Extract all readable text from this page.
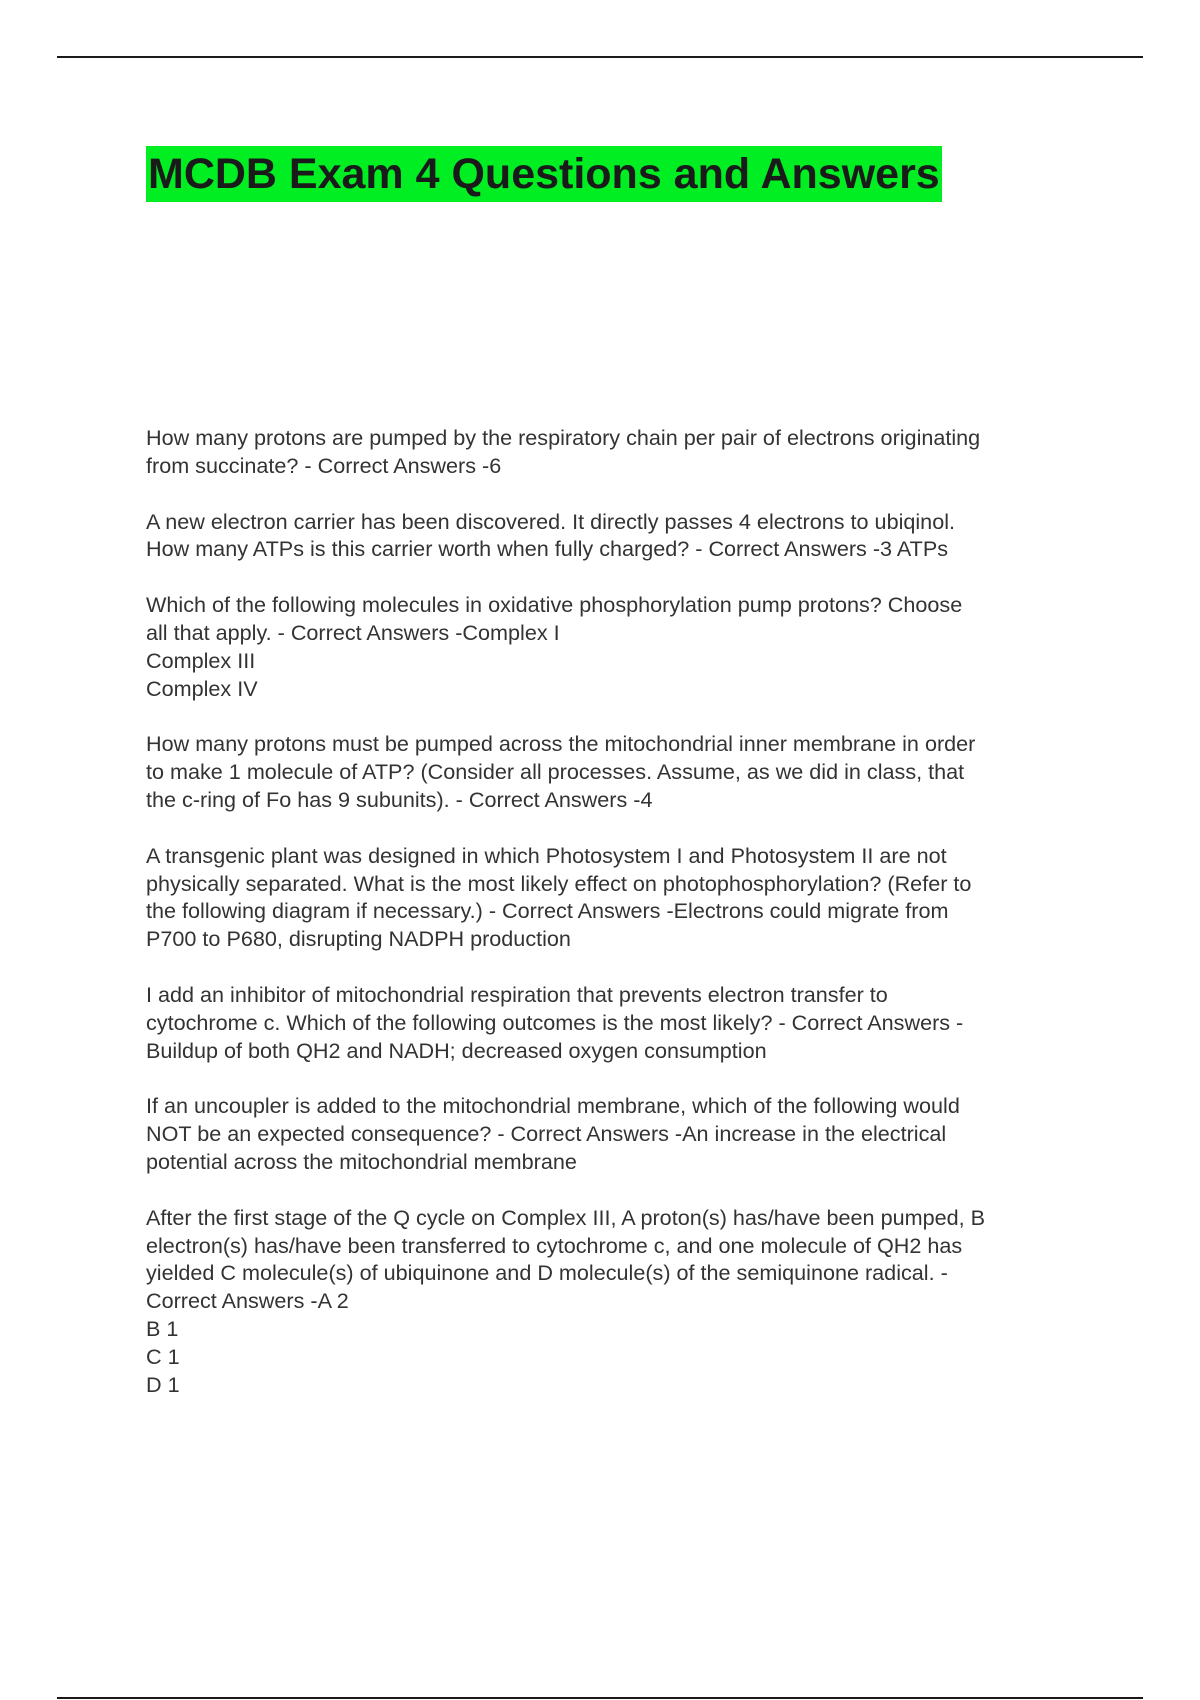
MCDB Exam 4 Questions and Answers
How many protons are pumped by the respiratory chain per pair of electrons originating
from succinate? - Correct Answers -6
A new electron carrier has been discovered. It directly passes 4 electrons to ubiqinol.
How many ATPs is this carrier worth when fully charged? - Correct Answers -3 ATPs
Which of the following molecules in oxidative phosphorylation pump protons? Choose
all that apply. - Correct Answers -Complex I
Complex III
Complex IV
How many protons must be pumped across the mitochondrial inner membrane in order
to make 1 molecule of ATP? (Consider all processes. Assume, as we did in class, that
the c-ring of Fo has 9 subunits). - Correct Answers -4
A transgenic plant was designed in which Photosystem I and Photosystem II are not
physically separated. What is the most likely effect on photophosphorylation? (Refer to
the following diagram if necessary.) - Correct Answers -Electrons could migrate from
P700 to P680, disrupting NADPH production
I add an inhibitor of mitochondrial respiration that prevents electron transfer to
cytochrome c. Which of the following outcomes is the most likely? - Correct Answers -
Buildup of both QH2 and NADH; decreased oxygen consumption
If an uncoupler is added to the mitochondrial membrane, which of the following would
NOT be an expected consequence? - Correct Answers -An increase in the electrical
potential across the mitochondrial membrane
After the first stage of the Q cycle on Complex III, A proton(s) has/have been pumped, B
electron(s) has/have been transferred to cytochrome c, and one molecule of QH2 has
yielded C molecule(s) of ubiquinone and D molecule(s) of the semiquinone radical. -
Correct Answers -A 2
B 1
C 1
D 1
